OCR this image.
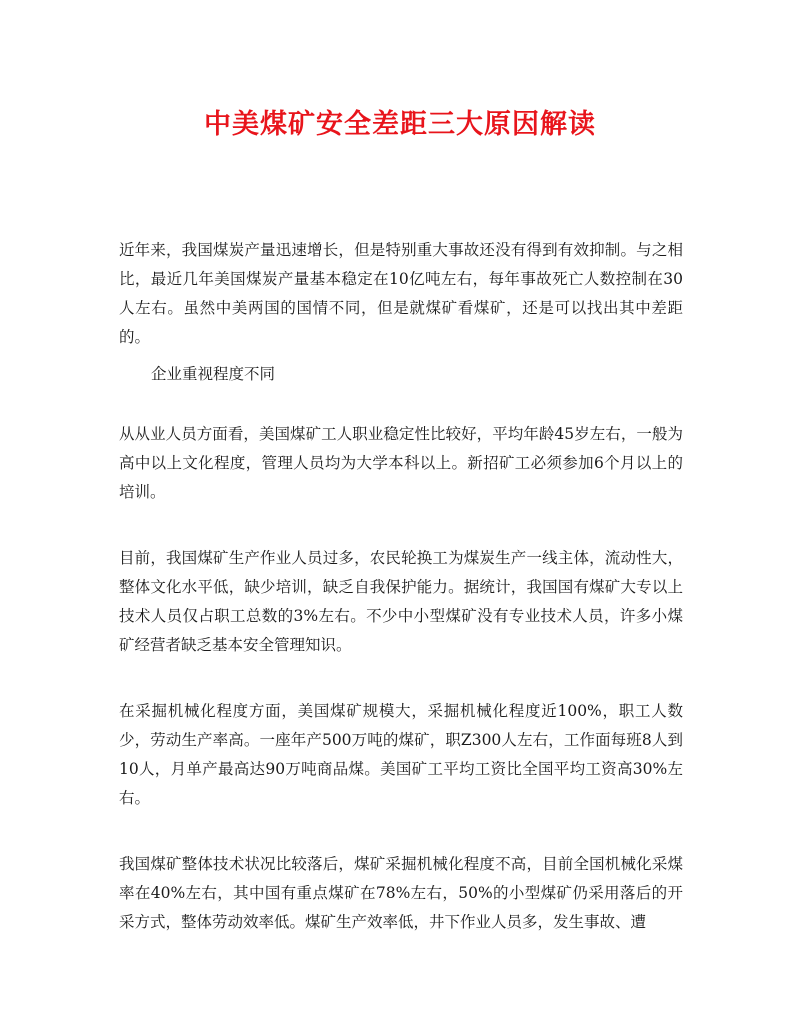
中美煤矿安全差距三大原因解读

近年来，我国煤炭产量迅速增长，但是特别重大事故还没有得到有效抑制。与之相比，最近几年美国煤炭产量基本稳定在10亿吨左右，每年事故死亡人数控制在30人左右。虽然中美两国的国情不同，但是就煤矿看煤矿，还是可以找出其中差距的。

企业重视程度不同

从从业人员方面看，美国煤矿工人职业稳定性比较好，平均年龄45岁左右，一般为高中以上文化程度，管理人员均为大学本科以上。新招矿工必须参加6个月以上的培训。

目前，我国煤矿生产作业人员过多，农民轮换工为煤炭生产一线主体，流动性大，整体文化水平低，缺少培训，缺乏自我保护能力。据统计，我国国有煤矿大专以上技术人员仅占职工总数的3%左右。不少中小型煤矿没有专业技术人员，许多小煤矿经营者缺乏基本安全管理知识。

在采掘机械化程度方面，美国煤矿规模大，采掘机械化程度近100%，职工人数少，劳动生产率高。一座年产500万吨的煤矿，职Z300人左右，工作面每班8人到10人，月单产最高达90万吨商品煤。美国矿工平均工资比全国平均工资高30%左右。

我国煤矿整体技术状况比较落后，煤矿采掘机械化程度不高，目前全国机械化采煤率在40%左右，其中国有重点煤矿在78%左右，50%的小型煤矿仍采用落后的开采方式，整体劳动效率低。煤矿生产效率低，井下作业人员多，发生事故、遭
